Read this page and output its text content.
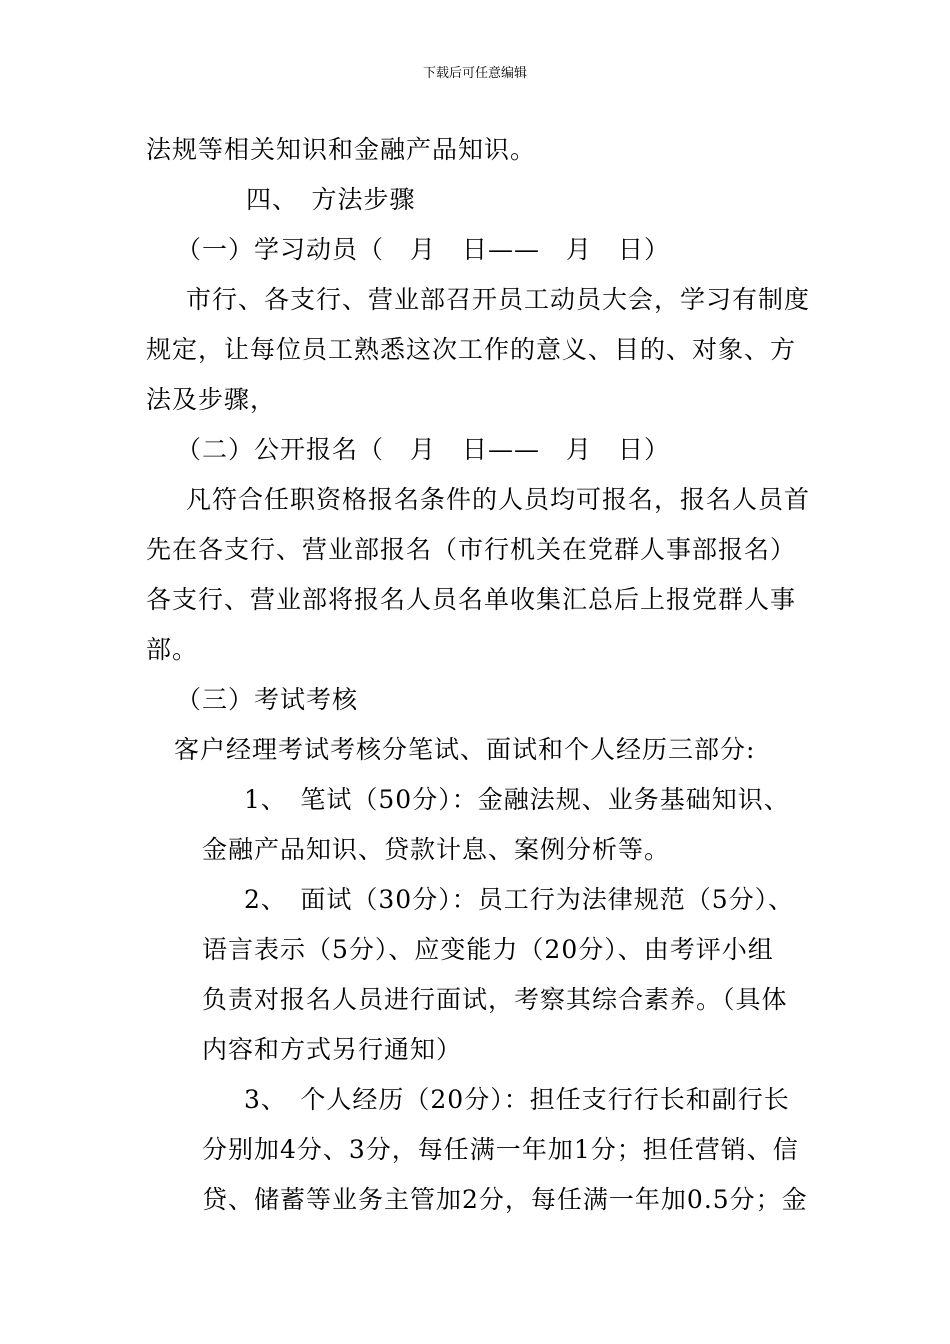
下载后可任意编辑
法规等相关知识和金融产品知识。
四、　方法步骤
（一）学习动员（　月　日——　月　日）
市行、各支行、营业部召开员工动员大会，学习有制度
规定，让每位员工熟悉这次工作的意义、目的、对象、方
法及步骤，
（二）公开报名（　月　日——　月　日）
凡符合任职资格报名条件的人员均可报名，报名人员首
先在各支行、营业部报名（市行机关在党群人事部报名）
各支行、营业部将报名人员名单收集汇总后上报党群人事
部。
（三）考试考核
客户经理考试考核分笔试、面试和个人经历三部分:
1、　笔试（50分）：金融法规、业务基础知识、
金融产品知识、贷款计息、案例分析等。
2、　面试（30分）：员工行为法律规范（5分）、
语言表示（5分）、应变能力（20分）、由考评小组
负责对报名人员进行面试，考察其综合素养。（具体
内容和方式另行通知）
3、　个人经历（20分）：担任支行行长和副行长
分别加4分、3分，每任满一年加1分；担任营销、信
贷、储蓄等业务主管加2分，每任满一年加0.5分；金
